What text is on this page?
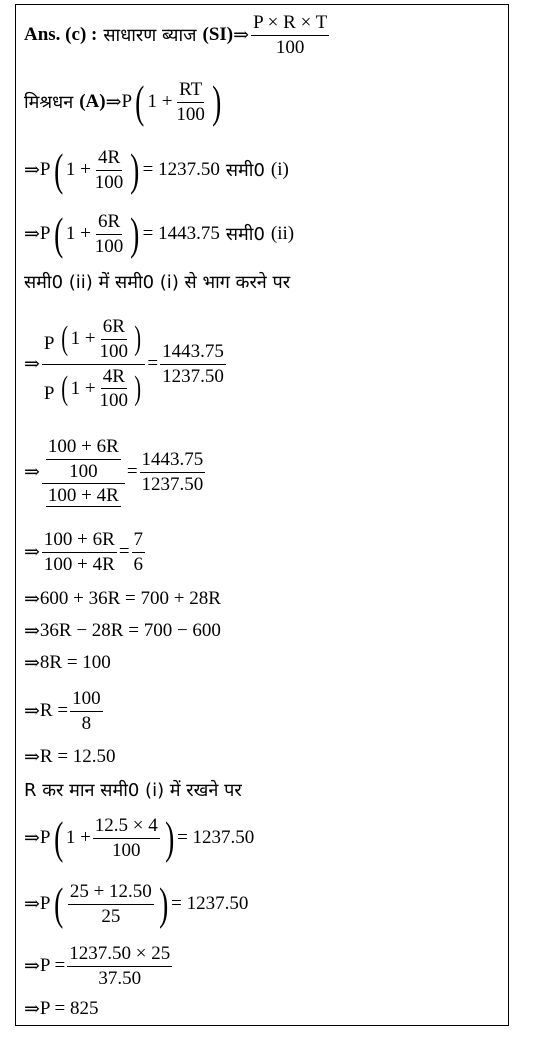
Ans. (c) : साधारण ब्याज (SI) ⇒ $\frac{P \times R \times T}{100}$
मिश्रधन (A) ⇒ P ( $1 + \frac{RT}{100}$ )
⇒ P ( $1 + \frac{4R}{100}$ ) = 1237.50 समी0 (i)
⇒ P ( $1 + \frac{6R}{100}$ ) = 1443.75 समी0 (ii)
समी0 (ii) में समी0 (i) से भाग करने पर
⇒
P ( $1 + \frac{6R}{100}$ )
P ( $1 + \frac{4R}{100}$ )
= $\frac{1443.75}{1237.50}$
⇒ $\frac{\frac{100 + 6R}{100}}{100 + 4R} = \frac{1443.75}{1237.50}$
⇒ $\frac{100 + 6R}{100 + 4R} = \frac{7}{6}$
⇒ 600 + 36R = 700 + 28R
⇒ 36R − 28R = 700 − 600
⇒ 8R = 100
⇒ $R = \frac{100}{8}$
⇒ R = 12.50
R कर मान समी0 (i) में रखने पर
⇒ P ( $1 + \frac{12.5 \times 4}{100}$ ) = 1237.50
⇒ P ( $\frac{25 + 12.50}{25}$ ) = 1237.50
⇒ $P = \frac{1237.50 \times 25}{37.50}$
⇒ P = 825
